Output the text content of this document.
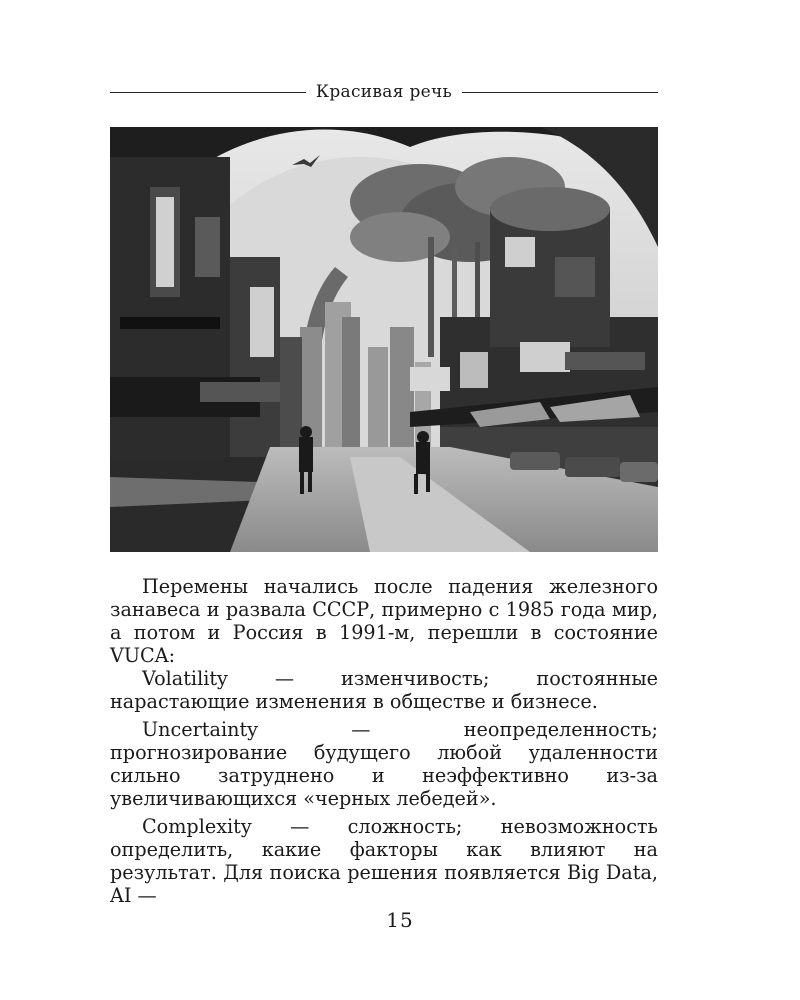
Красивая речь

Перемены начались после падения железного занавеса и развала СССР, примерно с 1985 года мир, а потом и Россия в 1991-м, перешли в состояние VUCA:

Volatility — изменчивость; постоянные нарастающие изменения в обществе и бизнесе.

Uncertainty — неопределенность; прогнозирование будущего любой удаленности сильно затруднено и неэффективно из-за увеличивающихся «черных лебедей».

Complexity — сложность; невозможность определить, какие факторы как влияют на результат. Для поиска решения появляется Big Data, AI —

15
